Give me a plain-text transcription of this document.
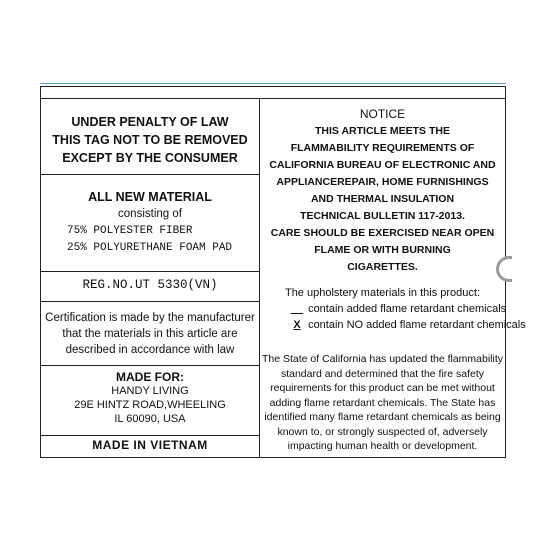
UNDER PENALTY OF LAW
THIS TAG NOT TO BE REMOVED
EXCEPT BY THE CONSUMER
ALL NEW MATERIAL
consisting of
75% POLYESTER FIBER
25% POLYURETHANE FOAM PAD
REG.NO.UT 5330(VN)
Certification is made by the manufacturer
that the materials in this article are
described in accordance with law
MADE FOR:
HANDY LIVING
29E HINTZ ROAD,WHEELING
IL 60090, USA
MADE IN VIETNAM
NOTICE
THIS ARTICLE MEETS THE
FLAMMABILITY REQUIREMENTS OF
CALIFORNIA BUREAU OF ELECTRONIC AND
APPLIANCEREPAIR, HOME FURNISHINGS
AND THERMAL INSULATION
TECHNICAL BULLETIN 117-2013.
CARE SHOULD BE EXERCISED NEAR OPEN
FLAME OR WITH BURNING
CIGARETTES.
The upholstery materials in this product:
__ contain added flame retardant chemicals
X contain NO added flame retardant chemicals
The State of California has updated the flammability
standard and determined that the fire safety
requirements for this product can be met without
adding flame retardant chemicals. The State has
identified many flame retardant chemicals as being
known to, or strongly suspected of, adversely
impacting human health or development.
